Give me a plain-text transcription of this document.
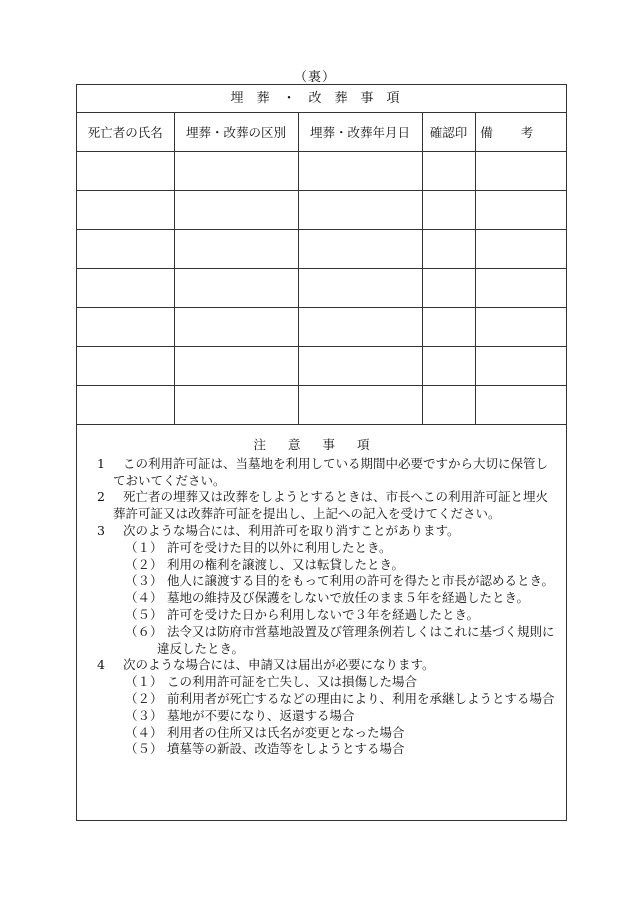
（裏）
埋葬・改葬事項
死亡者の氏名	埋葬・改葬の区別	埋葬・改葬年月日	確認印	備考

注意事項
1	この利用許可証は、当墓地を利用している期間中必要ですから大切に保管しておいてください。
2	死亡者の埋葬又は改葬をしようとするときは、市長へこの利用許可証と埋火葬許可証又は改葬許可証を提出し、上記への記入を受けてください。
3	次のような場合には、利用許可を取り消すことがあります。
（１） 許可を受けた目的以外に利用したとき。
（２） 利用の権利を譲渡し、又は転貸したとき。
（３） 他人に譲渡する目的をもって利用の許可を得たと市長が認めるとき。
（４） 墓地の維持及び保護をしないで放任のまま５年を経過したとき。
（５） 許可を受けた日から利用しないで３年を経過したとき。
（６） 法令又は防府市営墓地設置及び管理条例若しくはこれに基づく規則に違反したとき。
4	次のような場合には、申請又は届出が必要になります。
（１） この利用許可証を亡失し、又は損傷した場合
（２） 前利用者が死亡するなどの理由により、利用を承継しようとする場合
（３） 墓地が不要になり、返還する場合
（４） 利用者の住所又は氏名が変更となった場合
（５） 墳墓等の新設、改造等をしようとする場合
